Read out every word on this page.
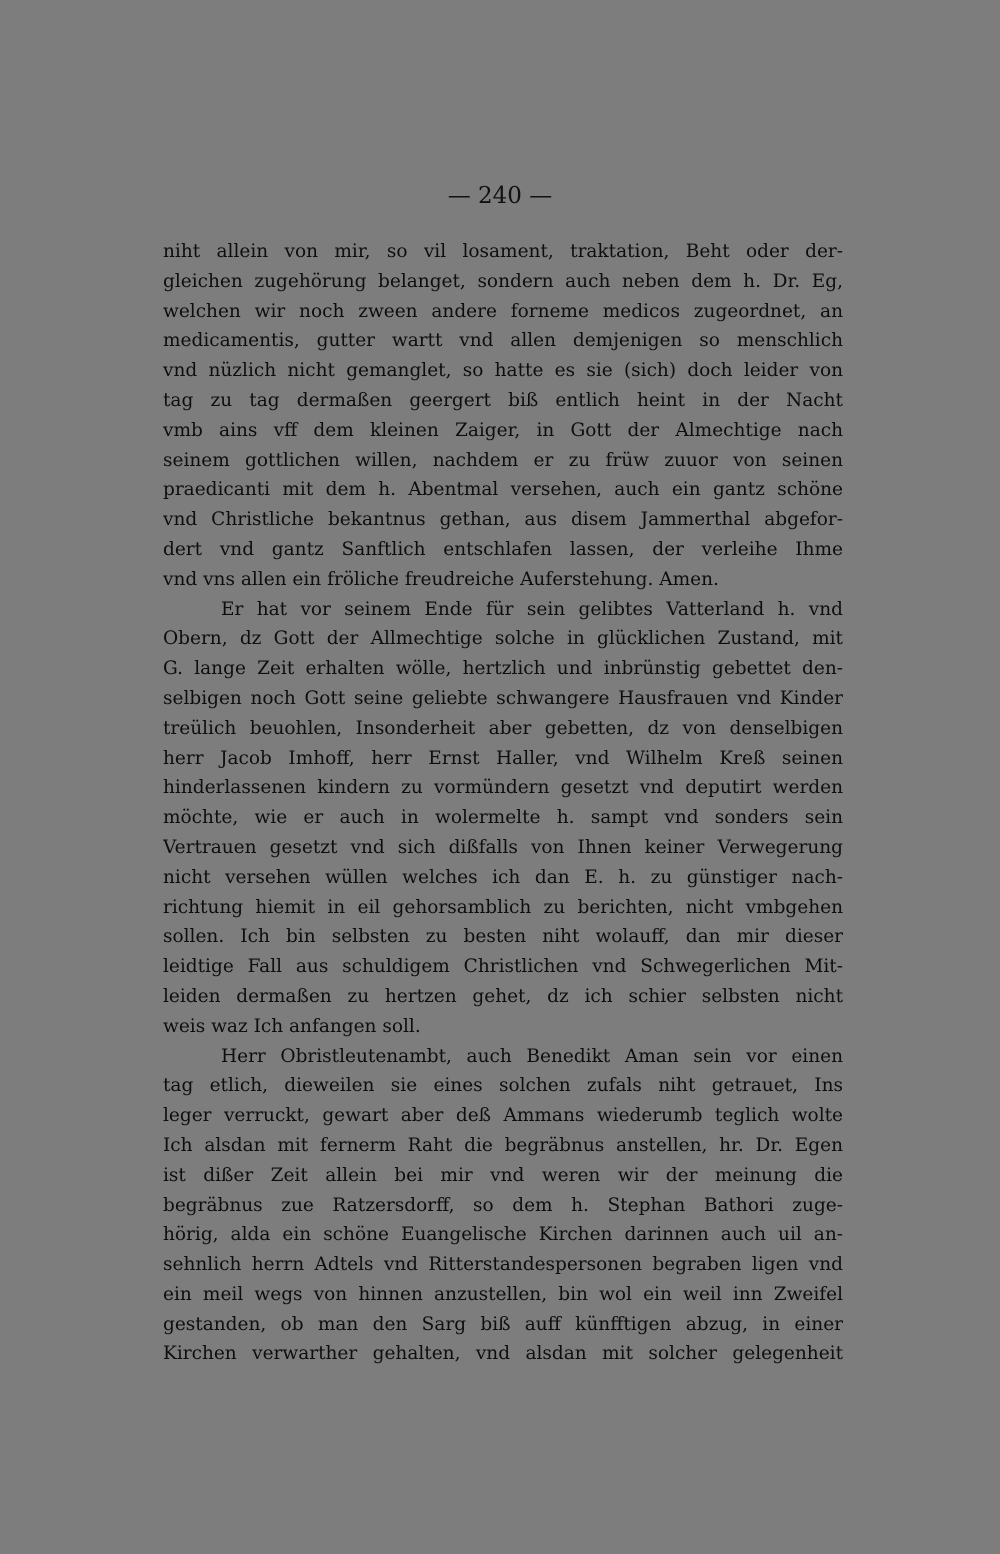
— 240 —
niht allein von mir, so vil losament, traktation, Beht oder der-
gleichen zugehörung belanget, sondern auch neben dem h. Dr. Eg,
welchen wir noch zween andere forneme medicos zugeordnet, an
medicamentis, gutter wartt vnd allen demjenigen so menschlich
vnd nüzlich nicht gemanglet, so hatte es sie (sich) doch leider von
tag zu tag dermaßen geergert biß entlich heint in der Nacht
vmb ains vff dem kleinen Zaiger, in Gott der Almechtige nach
seinem gottlichen willen, nachdem er zu früw zuuor von seinen
praedicanti mit dem h. Abentmal versehen, auch ein gantz schöne
vnd Christliche bekantnus gethan, aus disem Jammerthal abgefor-
dert vnd gantz Sanftlich entschlafen lassen, der verleihe Ihme
vnd vns allen ein fröliche freudreiche Auferstehung. Amen.
Er hat vor seinem Ende für sein gelibtes Vatterland h. vnd
Obern, dz Gott der Allmechtige solche in glücklichen Zustand, mit
G. lange Zeit erhalten wölle, hertzlich und inbrünstig gebettet den-
selbigen noch Gott seine geliebte schwangere Hausfrauen vnd Kinder
treülich beuohlen, Insonderheit aber gebetten, dz von denselbigen
herr Jacob Imhoff, herr Ernst Haller, vnd Wilhelm Kreß seinen
hinderlassenen kindern zu vormündern gesetzt vnd deputirt werden
möchte, wie er auch in wolermelte h. sampt vnd sonders sein
Vertrauen gesetzt vnd sich dißfalls von Ihnen keiner Verwegerung
nicht versehen wüllen welches ich dan E. h. zu günstiger nach-
richtung hiemit in eil gehorsamblich zu berichten, nicht vmbgehen
sollen. Ich bin selbsten zu besten niht wolauff, dan mir dieser
leidtige Fall aus schuldigem Christlichen vnd Schwegerlichen Mit-
leiden dermaßen zu hertzen gehet, dz ich schier selbsten nicht
weis waz Ich anfangen soll.
Herr Obristleutenambt, auch Benedikt Aman sein vor einen
tag etlich, dieweilen sie eines solchen zufals niht getrauet, Ins
leger verruckt, gewart aber deß Ammans wiederumb teglich wolte
Ich alsdan mit fernerm Raht die begräbnus anstellen, hr. Dr. Egen
ist dißer Zeit allein bei mir vnd weren wir der meinung die
begräbnus zue Ratzersdorff, so dem h. Stephan Bathori zuge-
hörig, alda ein schöne Euangelische Kirchen darinnen auch uil an-
sehnlich herrn Adtels vnd Ritterstandespersonen begraben ligen vnd
ein meil wegs von hinnen anzustellen, bin wol ein weil inn Zweifel
gestanden, ob man den Sarg biß auff künfftigen abzug, in einer
Kirchen verwarther gehalten, vnd alsdan mit solcher gelegenheit
